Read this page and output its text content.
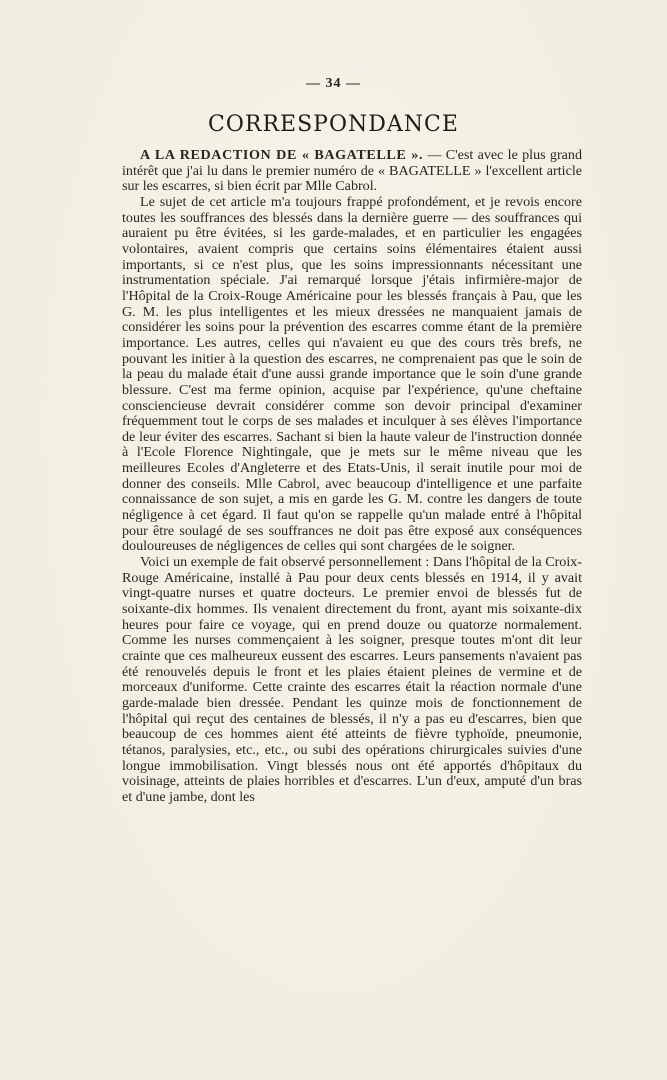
— 34 —
CORRESPONDANCE

A LA REDACTION DE « BAGATELLE ». — C'est avec le plus grand intérêt que j'ai lu dans le premier numéro de « BAGATELLE » l'excellent article sur les escarres, si bien écrit par Mlle Cabrol.

Le sujet de cet article m'a toujours frappé profondément, et je revois encore toutes les souffrances des blessés dans la dernière guerre — des souffrances qui auraient pu être évitées, si les garde-malades, et en particulier les engagées volontaires, avaient compris que certains soins élémentaires étaient aussi importants, si ce n'est plus, que les soins impressionnants nécessitant une instrumentation spéciale. J'ai remarqué lorsque j'étais infirmière-major de l'Hôpital de la Croix-Rouge Américaine pour les blessés français à Pau, que les G. M. les plus intelligentes et les mieux dressées ne manquaient jamais de considérer les soins pour la prévention des escarres comme étant de la première importance. Les autres, celles qui n'avaient eu que des cours très brefs, ne pouvant les initier à la question des escarres, ne comprenaient pas que le soin de la peau du malade était d'une aussi grande importance que le soin d'une grande blessure. C'est ma ferme opinion, acquise par l'expérience, qu'une cheftaine consciencieuse devrait considérer comme son devoir principal d'examiner fréquemment tout le corps de ses malades et inculquer à ses élèves l'importance de leur éviter des escarres. Sachant si bien la haute valeur de l'instruction donnée à l'Ecole Florence Nightingale, que je mets sur le même niveau que les meilleures Ecoles d'Angleterre et des Etats-Unis, il serait inutile pour moi de donner des conseils. Mlle Cabrol, avec beaucoup d'intelligence et une parfaite connaissance de son sujet, a mis en garde les G. M. contre les dangers de toute négligence à cet égard. Il faut qu'on se rappelle qu'un malade entré à l'hôpital pour être soulagé de ses souffrances ne doit pas être exposé aux conséquences douloureuses de négligences de celles qui sont chargées de le soigner.

Voici un exemple de fait observé personnellement : Dans l'hôpital de la Croix-Rouge Américaine, installé à Pau pour deux cents blessés en 1914, il y avait vingt-quatre nurses et quatre docteurs. Le premier envoi de blessés fut de soixante-dix hommes. Ils venaient directement du front, ayant mis soixante-dix heures pour faire ce voyage, qui en prend douze ou quatorze normalement. Comme les nurses commençaient à les soigner, presque toutes m'ont dit leur crainte que ces malheureux eussent des escarres. Leurs pansements n'avaient pas été renouvelés depuis le front et les plaies étaient pleines de vermine et de morceaux d'uniforme. Cette crainte des escarres était la réaction normale d'une garde-malade bien dressée. Pendant les quinze mois de fonctionnement de l'hôpital qui reçut des centaines de blessés, il n'y a pas eu d'escarres, bien que beaucoup de ces hommes aient été atteints de fièvre typhoïde, pneumonie, tétanos, paralysies, etc., etc., ou subi des opérations chirurgicales suivies d'une longue immobilisation. Vingt blessés nous ont été apportés d'hôpitaux du voisinage, atteints de plaies horribles et d'escarres. L'un d'eux, amputé d'un bras et d'une jambe, dont les
